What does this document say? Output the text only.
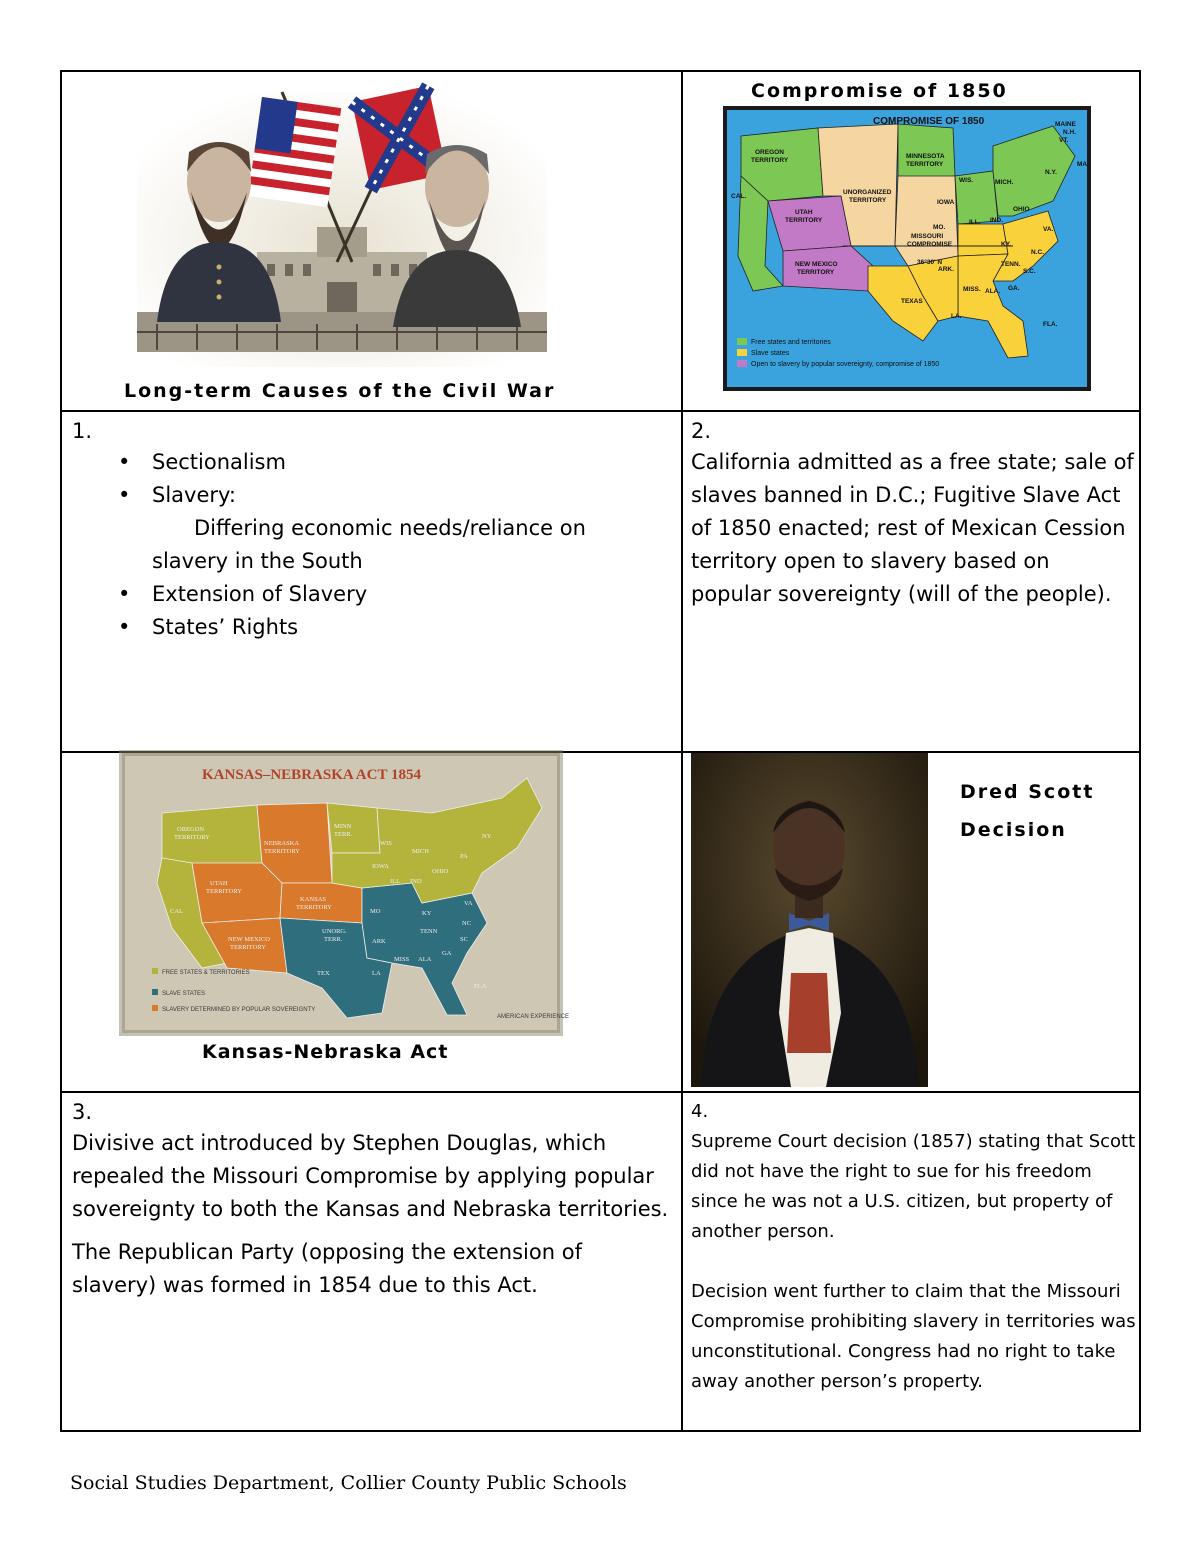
Long-term Causes of the Civil War
Compromise of 1850
COMPROMISE OF 1850
OREGON
TERRITORY
MINNESOTA
TERRITORY
UNORGANIZED
TERRITORY
UTAH
TERRITORY
NEW MEXICO
TERRITORY
TEXAS
CAL.
IOWA
WIS.	MICH.
ILL. IND.
OHIO
MO.
KY.
TENN.
ARK.
MISS. ALA. GA.
LA.
FLA.
S.C.
N.C.
VA.
N.Y.
MAINE
N.H.
VT.
MA.
MISSOURI
COMPROMISE
36°30' N
Free states and territories
Slave states
Open to slavery by popular sovereignty, compromise of 1850
1.
• Sectionalism
• Slavery:
Differing economic needs/reliance on
slavery in the South
• Extension of Slavery
• States’ Rights
2.
California admitted as a free state; sale of slaves banned in D.C.; Fugitive Slave Act of 1850 enacted; rest of Mexican Cession territory open to slavery based on popular sovereignty (will of the people).
KANSAS–NEBRASKA ACT 1854
OREGON
TERRITORY
NEBRASKA
TERRITORY
MINN
TERR.
UTAH
TERRITORY
KANSAS
TERRITORY
NEW MEXICO
TERRITORY
CAL
TEX
UNORG.
TERR.
MO	KY
TENN
ARK
LA
MISS ALA
GA
SC
NC
VA
FLA
IOWA
WIS
MICH
ILL IND
OHIO
PA
NY
FREE STATES & TERRITORIES
SLAVE STATES
SLAVERY DETERMINED BY POPULAR SOVEREIGNTY
AMERICAN EXPERIENCE
Kansas-Nebraska Act
Dred Scott
Decision
3.
Divisive act introduced by Stephen Douglas, which repealed the Missouri Compromise by applying popular sovereignty to both the Kansas and Nebraska territories.
The Republican Party (opposing the extension of slavery) was formed in 1854 due to this Act.
4.
Supreme Court decision (1857) stating that Scott did not have the right to sue for his freedom since he was not a U.S. citizen, but property of another person.
Decision went further to claim that the Missouri Compromise prohibiting slavery in territories was unconstitutional. Congress had no right to take away another person’s property.
Social Studies Department, Collier County Public Schools
